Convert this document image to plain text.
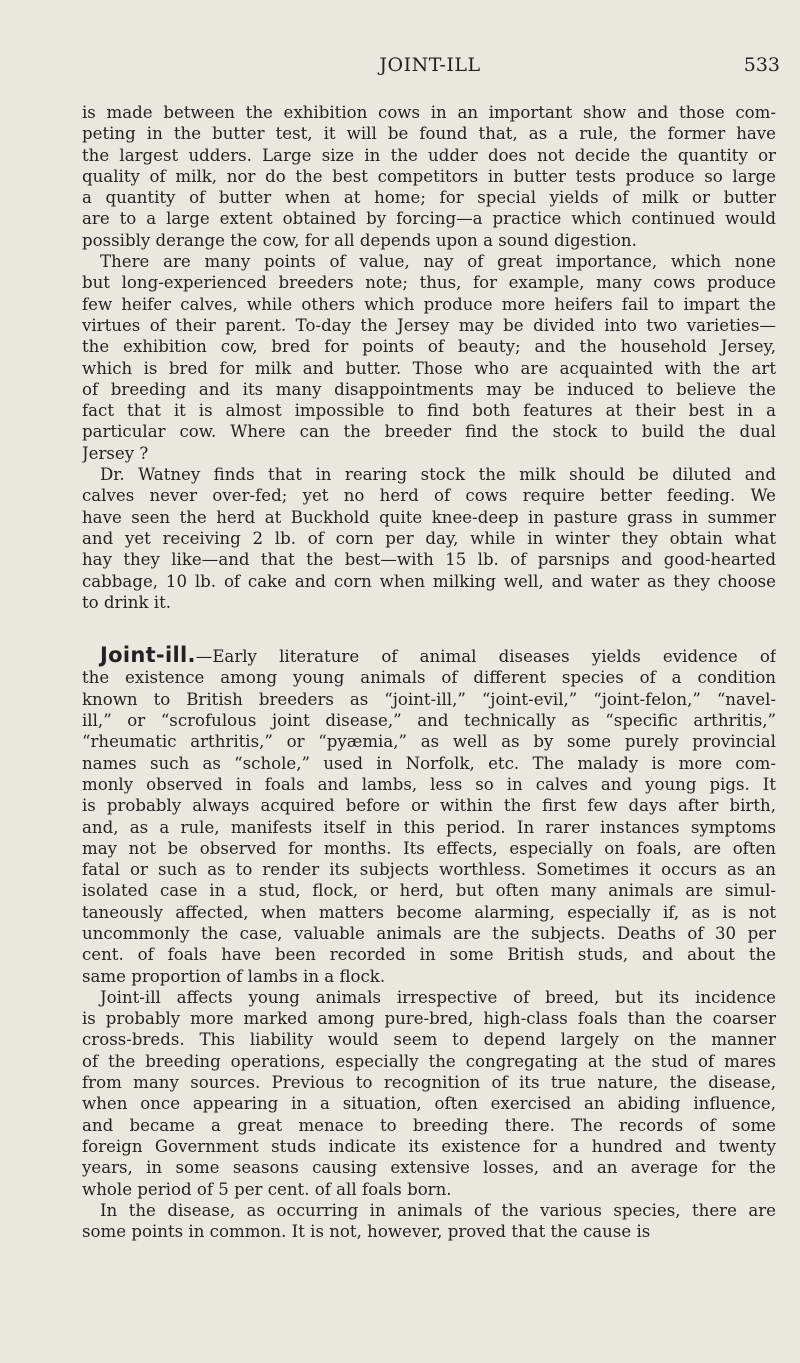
JOINT-ILL	533
is made between the exhibition cows in an important show and those com-
peting in the butter test, it will be found that, as a rule, the former have
the largest udders. Large size in the udder does not decide the quantity or
quality of milk, nor do the best competitors in butter tests produce so large
a quantity of butter when at home; for special yields of milk or butter
are to a large extent obtained by forcing—a practice which continued would
possibly derange the cow, for all depends upon a sound digestion.
There are many points of value, nay of great importance, which none
but long-experienced breeders note; thus, for example, many cows produce
few heifer calves, while others which produce more heifers fail to impart the
virtues of their parent. To-day the Jersey may be divided into two varieties—
the exhibition cow, bred for points of beauty; and the household Jersey,
which is bred for milk and butter. Those who are acquainted with the art
of breeding and its many disappointments may be induced to believe the
fact that it is almost impossible to find both features at their best in a
particular cow. Where can the breeder find the stock to build the dual
Jersey ?
Dr. Watney finds that in rearing stock the milk should be diluted and
calves never over-fed; yet no herd of cows require better feeding. We
have seen the herd at Buckhold quite knee-deep in pasture grass in summer
and yet receiving 2 lb. of corn per day, while in winter they obtain what
hay they like—and that the best—with 15 lb. of parsnips and good-hearted
cabbage, 10 lb. of cake and corn when milking well, and water as they choose
to drink it.
Joint-ill.—Early literature of animal diseases yields evidence of
the existence among young animals of different species of a condition
known to British breeders as “joint-ill,” “joint-evil,” “joint-felon,” “navel-
ill,” or “scrofulous joint disease,” and technically as “specific arthritis,”
“rheumatic arthritis,” or “pyæmia,” as well as by some purely provincial
names such as “schole,” used in Norfolk, etc. The malady is more com-
monly observed in foals and lambs, less so in calves and young pigs. It
is probably always acquired before or within the first few days after birth,
and, as a rule, manifests itself in this period. In rarer instances symptoms
may not be observed for months. Its effects, especially on foals, are often
fatal or such as to render its subjects worthless. Sometimes it occurs as an
isolated case in a stud, flock, or herd, but often many animals are simul-
taneously affected, when matters become alarming, especially if, as is not
uncommonly the case, valuable animals are the subjects. Deaths of 30 per
cent. of foals have been recorded in some British studs, and about the
same proportion of lambs in a flock.
Joint-ill affects young animals irrespective of breed, but its incidence
is probably more marked among pure-bred, high-class foals than the coarser
cross-breds. This liability would seem to depend largely on the manner
of the breeding operations, especially the congregating at the stud of mares
from many sources. Previous to recognition of its true nature, the disease,
when once appearing in a situation, often exercised an abiding influence,
and became a great menace to breeding there. The records of some
foreign Government studs indicate its existence for a hundred and twenty
years, in some seasons causing extensive losses, and an average for the
whole period of 5 per cent. of all foals born.
In the disease, as occurring in animals of the various species, there are
some points in common. It is not, however, proved that the cause is
